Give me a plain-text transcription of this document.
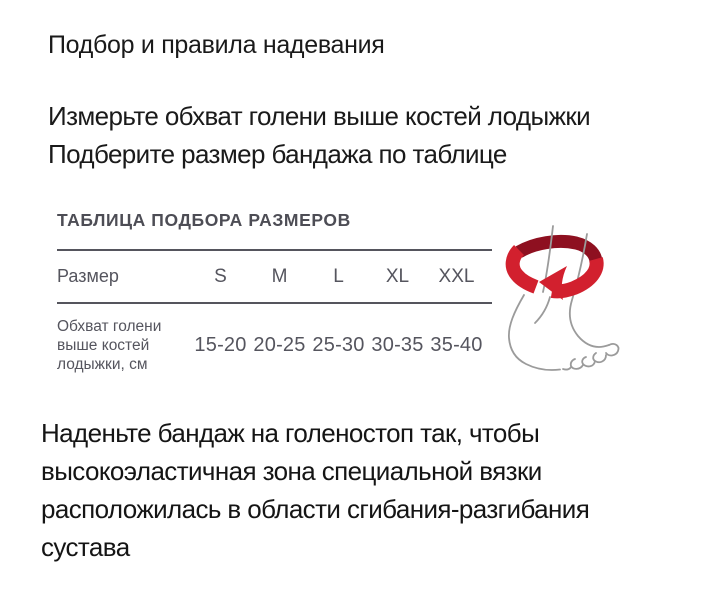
Подбор и правила надевания
Измерьте обхват голени выше костей лодыжки
Подберите размер бандажа по таблице
ТАБЛИЦА ПОДБОРА РАЗМЕРОВ
Размер	S	M	L	XL	XXL
Обхват голени
выше костей
лодыжки, см
15-20 20-25 25-30 30-35 35-40
Наденьте бандаж на голеностоп так, чтобы
высокоэластичная зона специальной вязки
расположилась в области сгибания-разгибания
сустава
